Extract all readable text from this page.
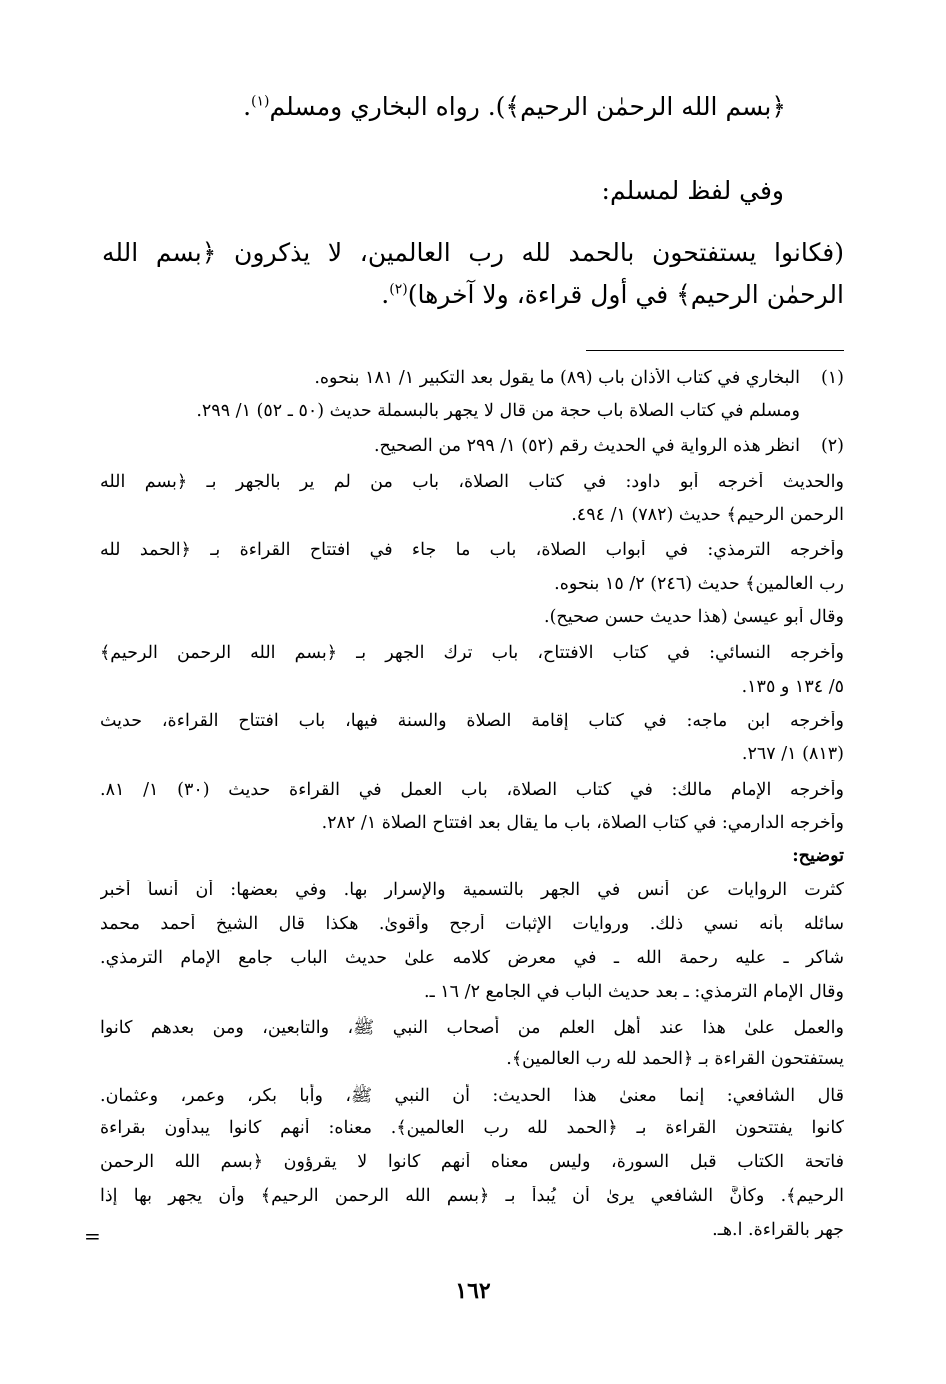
﴿بسم الله الرحمٰن الرحيم﴾). رواه البخاري ومسلم$^{(١)}$.
وفي لفظ لمسلم:
(فكانوا يستفتحون بالحمد لله رب العالمين، لا يذكرون ﴿بسم الله
الرحمٰن الرحيم﴾ في أول قراءة، ولا آخرها)$^{(٢)}$.
(١)
البخاري في كتاب الأذان باب (٨٩) ما يقول بعد التكبير ١/ ١٨١ بنحوه.
ومسلم في كتاب الصلاة باب حجة من قال لا يجهر بالبسملة حديث (٥٠ ـ ٥٢) ١/ ٢٩٩.
(٢)
انظر هذه الرواية في الحديث رقم (٥٢) ١/ ٢٩٩ من الصحيح.
والحديث أخرجه أبو داود: في كتاب الصلاة، باب من لم ير بالجهر بـ ﴿بسم الله
الرحمن الرحيم﴾ حديث (٧٨٢) ١/ ٤٩٤.
وأخرجه الترمذي: في أبواب الصلاة، باب ما جاء في افتتاح القراءة بـ ﴿الحمد لله
رب العالمين﴾ حديث (٢٤٦) ٢/ ١٥ بنحوه.
وقال أبو عيسىٰ (هذا حديث حسن صحيح).
وأخرجه النسائي: في كتاب الافتتاح، باب ترك الجهر بـ ﴿بسم الله الرحمن الرحيم﴾
٥/ ١٣٤ و ١٣٥.
وأخرجه ابن ماجه: في كتاب إقامة الصلاة والسنة فيها، باب افتتاح القراءة، حديث
(٨١٣) ١/ ٢٦٧.
وأخرجه الإمام مالك: في كتاب الصلاة، باب العمل في القراءة حديث (٣٠) ١/ ٨١.
وأخرجه الدارمي: في كتاب الصلاة، باب ما يقال بعد افتتاح الصلاة ١/ ٢٨٢.
توضيح:
كثرت الروايات عن أنس في الجهر بالتسمية والإسرار بها. وفي بعضها: أن أنساً أخبر
سائله بأنه نسي ذلك. وروايات الإثبات أرجح وأقوىٰ. هكذا قال الشيخ أحمد محمد
شاكر ـ عليه رحمة الله ـ في معرض كلامه علىٰ حديث الباب جامع الإمام الترمذي.
وقال الإمام الترمذي: ـ بعد حديث الباب في الجامع ٢/ ١٦ ـ.
والعمل علىٰ هذا عند أهل العلم من أصحاب النبي ﷺ، والتابعين، ومن بعدهم كانوا
يستفتحون القراءة بـ ﴿الحمد لله رب العالمين﴾.
قال الشافعي: إنما معنىٰ هذا الحديث: أن النبي ﷺ، وأبا بكر، وعمر، وعثمان.
كانوا يفتتحون القراءة بـ ﴿الحمد لله رب العالمين﴾. معناه: أنهم كانوا يبدأون بقراءة
فاتحة الكتاب قبل السورة، وليس معناه أنهم كانوا لا يقرؤون ﴿بسم الله الرحمن
الرحيم﴾. وكأنَّ الشافعي يرىٰ أن يُبدأ بـ ﴿بسم الله الرحمن الرحيم﴾ وأن يجهر بها إذا
جهر بالقراءة. ا.هـ.
=
١٦٢
